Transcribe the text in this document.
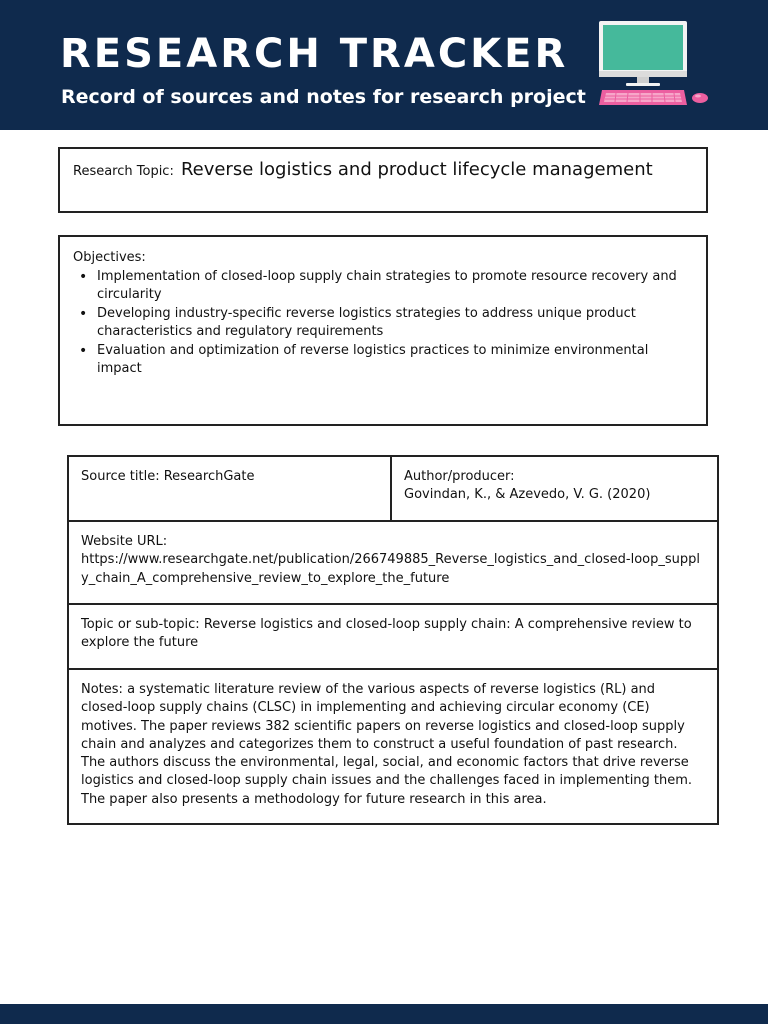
RESEARCH TRACKER
Record of sources and notes for research project
Research Topic: Reverse logistics and product lifecycle management
Objectives:
• Implementation of closed-loop supply chain strategies to promote resource recovery and circularity
• Developing industry-specific reverse logistics strategies to address unique product characteristics and regulatory requirements
• Evaluation and optimization of reverse logistics practices to minimize environmental impact
Source title: ResearchGate	Author/producer:
Govindan, K., & Azevedo, V. G. (2020)
Website URL:
https://www.researchgate.net/publication/266749885_Reverse_logistics_and_closed-loop_supply_chain_A_comprehensive_review_to_explore_the_future
Topic or sub-topic: Reverse logistics and closed-loop supply chain: A comprehensive review to explore the future
Notes: a systematic literature review of the various aspects of reverse logistics (RL) and closed-loop supply chains (CLSC) in implementing and achieving circular economy (CE) motives. The paper reviews 382 scientific papers on reverse logistics and closed-loop supply chain and analyzes and categorizes them to construct a useful foundation of past research. The authors discuss the environmental, legal, social, and economic factors that drive reverse logistics and closed-loop supply chain issues and the challenges faced in implementing them. The paper also presents a methodology for future research in this area.
